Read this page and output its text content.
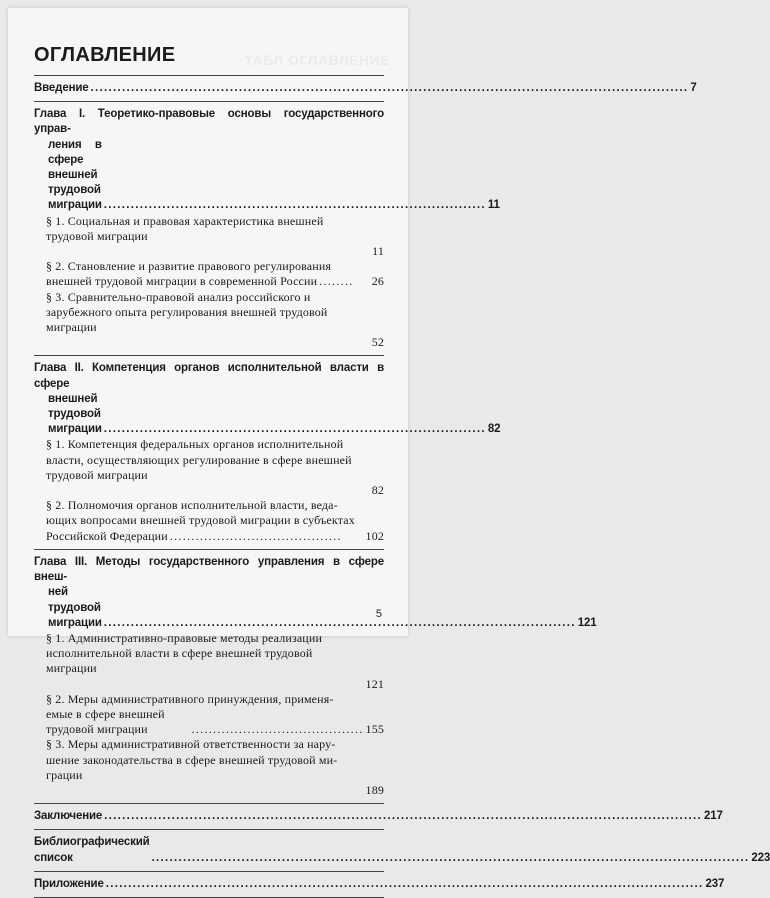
ТАБЛ ОГЛАВЛЕНИЕ
ОГЛАВЛЕНИЕ
Введение ..................................................................................................................................... 7
Глава I. Теоретико-правовые основы государственного управ-
ления в сфере внешней трудовой миграции ..................................................................................... 11
§ 1. Социальная и правовая характеристика внешней
трудовой миграции
11
§ 2. Становление и развитие правового регулирования
внешней трудовой миграции в современной России ........	26
§ 3. Сравнительно-правовой анализ российского и
зарубежного опыта регулирования внешней трудовой
миграции
52
Глава II. Компетенция органов исполнительной власти в сфере
внешней трудовой миграции ..................................................................................... 82
§ 1. Компетенция федеральных органов исполнительной
власти, осуществляющих регулирование в сфере внешней
трудовой миграции
82
§ 2. Полномочия органов исполнительной власти, веда-
ющих вопросами внешней трудовой миграции в субъектах
Российской Федерации ........................................	102
Глава III. Методы государственного управления в сфере внеш-
ней трудовой миграции ......................................................................................................... 121
§ 1. Административно-правовые методы реализации
исполнительной власти в сфере внешней трудовой
миграции
121
§ 2. Меры административного принуждения, применя-
емые в сфере внешней трудовой миграции	........................................ 155
§ 3. Меры административной ответственности за нару-
шение законодательства в сфере внешней трудовой ми-
грации
189
Заключение ..................................................................................................................................... 217
Библиографический список	..................................................................................................................................... 223
Приложение ..................................................................................................................................... 237
5
